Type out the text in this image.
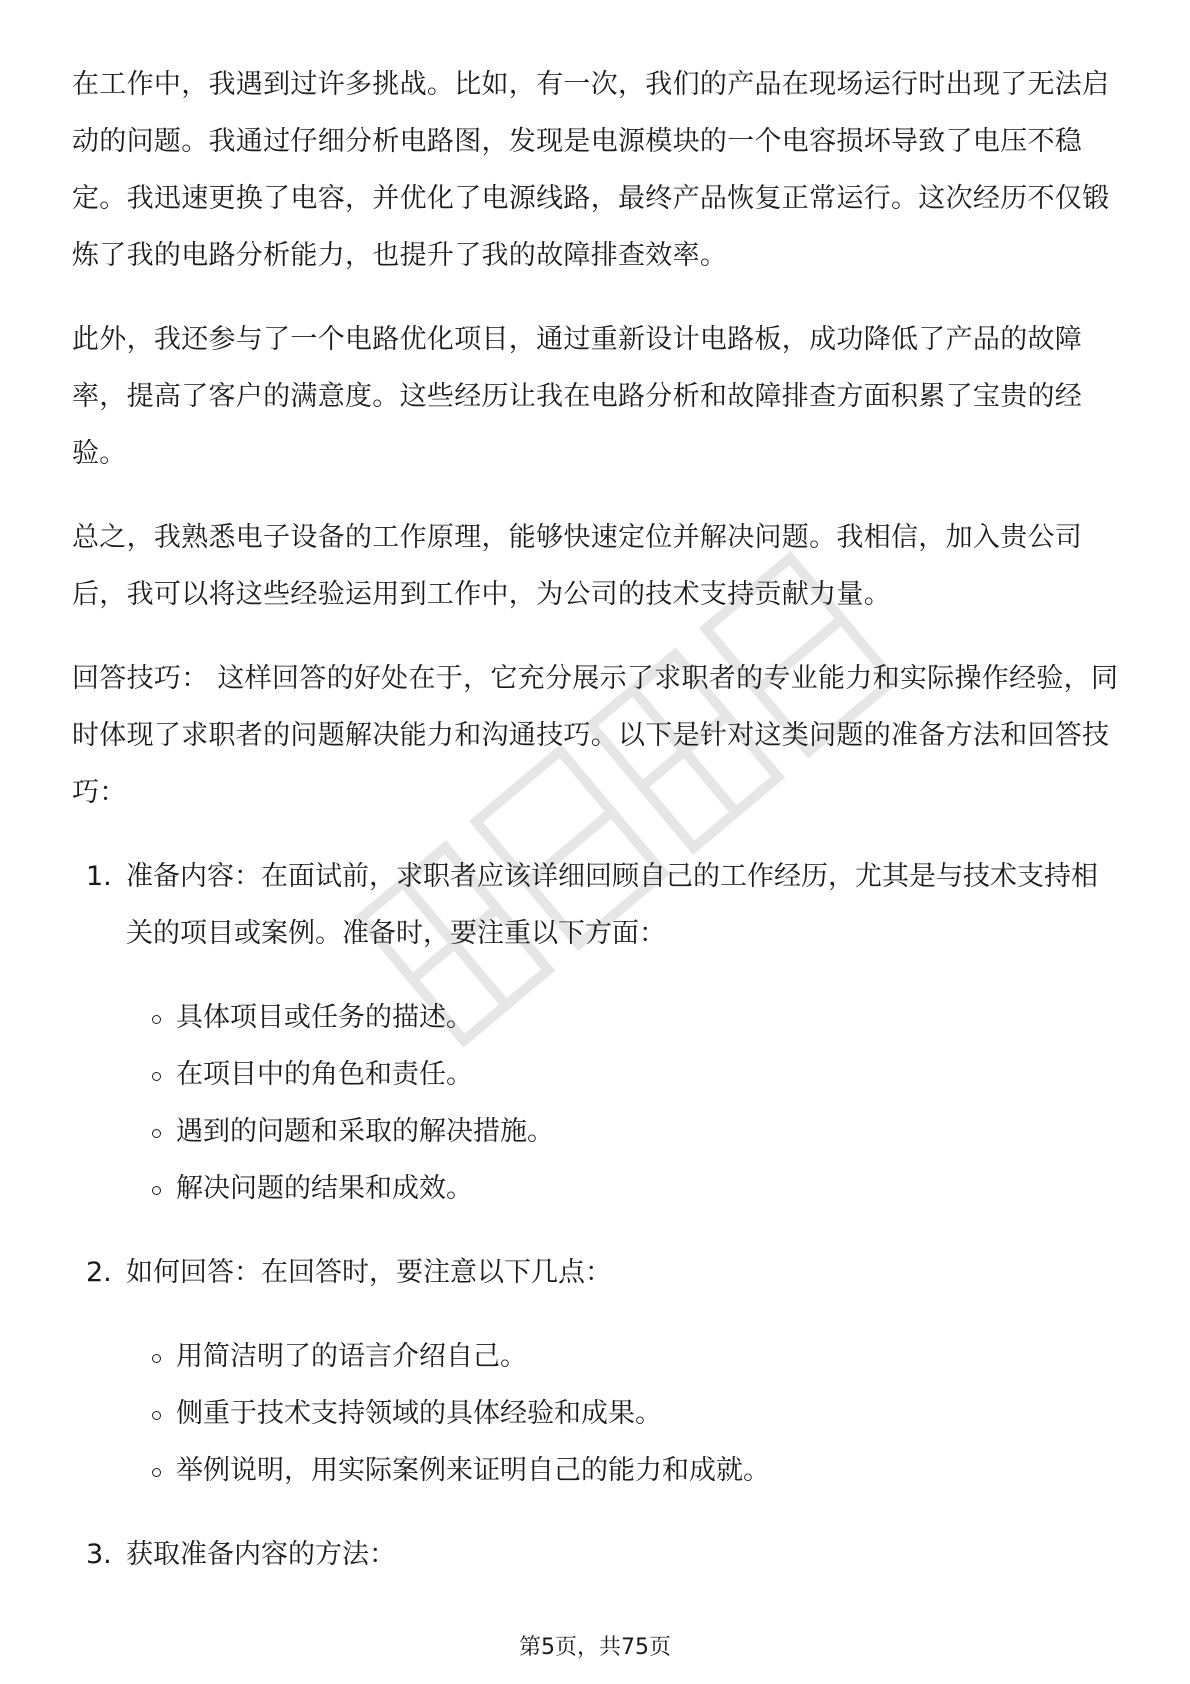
在工作中，我遇到过许多挑战。比如，有一次，我们的产品在现场运行时出现了无法启动的问题。我通过仔细分析电路图，发现是电源模块的一个电容损坏导致了电压不稳定。我迅速更换了电容，并优化了电源线路，最终产品恢复正常运行。这次经历不仅锻炼了我的电路分析能力，也提升了我的故障排查效率。

此外，我还参与了一个电路优化项目，通过重新设计电路板，成功降低了产品的故障率，提高了客户的满意度。这些经历让我在电路分析和故障排查方面积累了宝贵的经验。

总之，我熟悉电子设备的工作原理，能够快速定位并解决问题。我相信，加入贵公司后，我可以将这些经验运用到工作中，为公司的技术支持贡献力量。

回答技巧： 这样回答的好处在于，它充分展示了求职者的专业能力和实际操作经验，同时体现了求职者的问题解决能力和沟通技巧。以下是针对这类问题的准备方法和回答技巧：

1. 准备内容：在面试前，求职者应该详细回顾自己的工作经历，尤其是与技术支持相关的项目或案例。准备时，要注重以下方面：
具体项目或任务的描述。
在项目中的角色和责任。
遇到的问题和采取的解决措施。
解决问题的结果和成效。
2. 如何回答：在回答时，要注意以下几点：
用简洁明了的语言介绍自己。
侧重于技术支持领域的具体经验和成果。
举例说明，用实际案例来证明自己的能力和成就。
3. 获取准备内容的方法：
第5页，共75页
